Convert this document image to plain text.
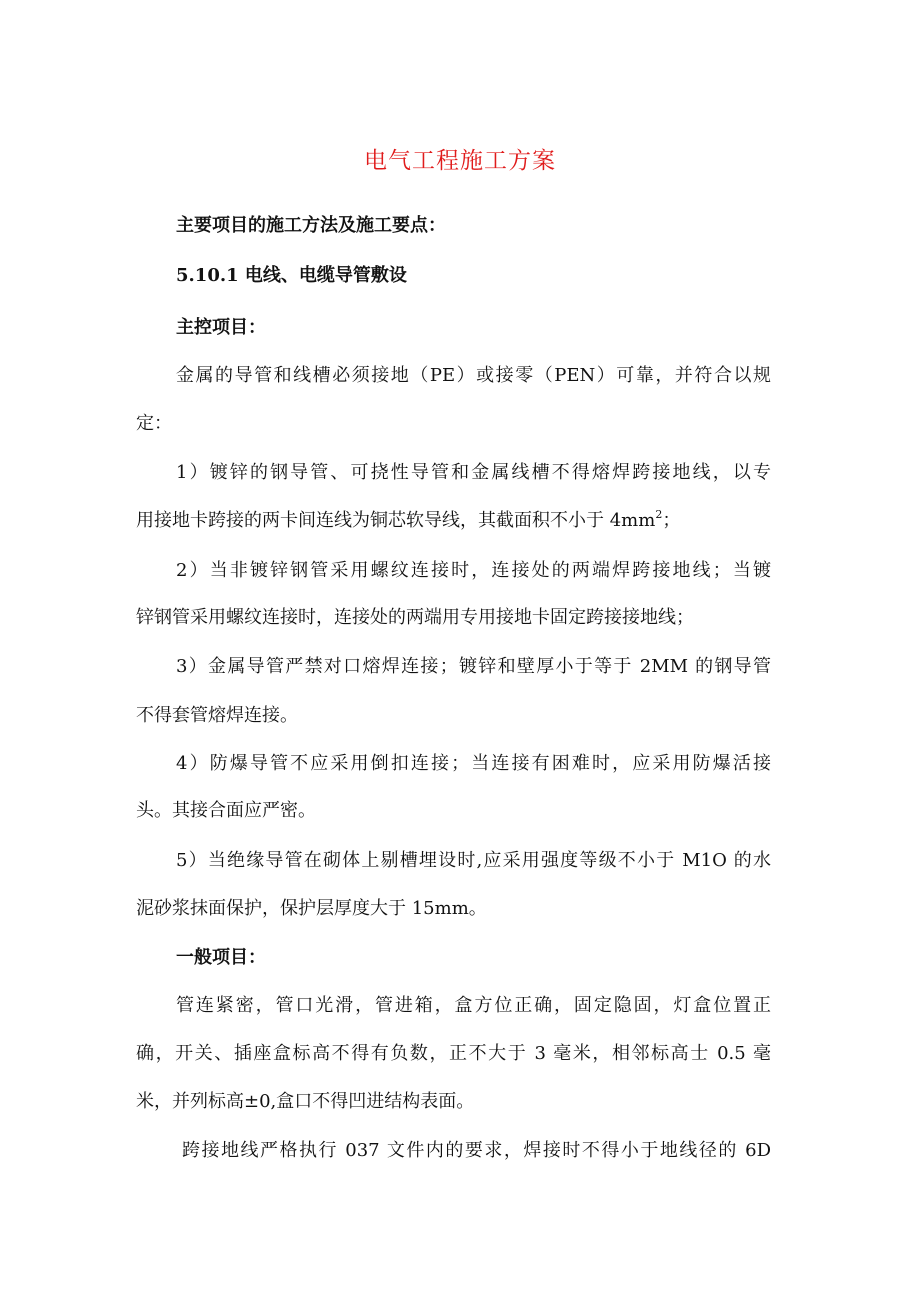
电气工程施工方案
主要项目的施工方法及施工要点：
5.10.1 电线、电缆导管敷设
主控项目：
金属的导管和线槽必须接地（PE）或接零（PEN）可靠，并符合以规
定：
1）镀锌的钢导管、可挠性导管和金属线槽不得熔焊跨接地线，以专
用接地卡跨接的两卡间连线为铜芯软导线，其截面积不小于 $4mm^2$；
2）当非镀锌钢管采用螺纹连接时，连接处的两端焊跨接地线；当镀
锌钢管采用螺纹连接时，连接处的两端用专用接地卡固定跨接接地线；
3）金属导管严禁对口熔焊连接；镀锌和壁厚小于等于 2MM 的钢导管
不得套管熔焊连接。
4）防爆导管不应采用倒扣连接；当连接有困难时，应采用防爆活接
头。其接合面应严密。
5）当绝缘导管在砌体上剔槽埋设时,应采用强度等级不小于 M1O 的水
泥砂浆抹面保护，保护层厚度大于 15mm。
一般项目：
管连紧密，管口光滑，管进箱，盒方位正确，固定隐固，灯盒位置正
确，开关、插座盒标高不得有负数，正不大于 3 毫米，相邻标高士 0.5 毫
米，并列标高±0,盒口不得凹进结构表面。
跨接地线严格执行 037 文件内的要求，焊接时不得小于地线径的 6D
